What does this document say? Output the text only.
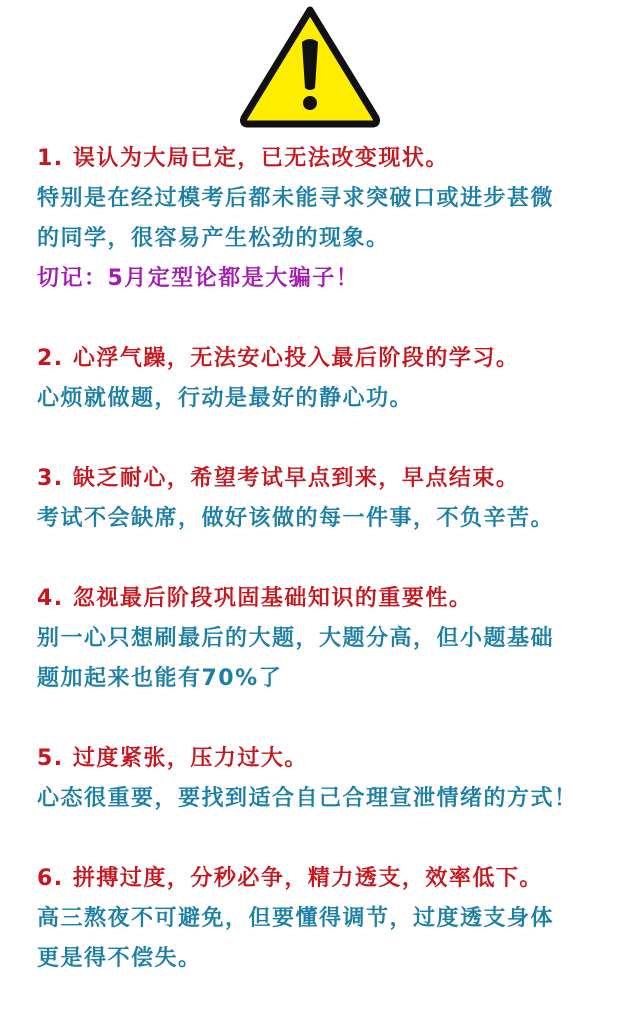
1. 误认为大局已定，已无法改变现状。
特别是在经过模考后都未能寻求突破口或进步甚微
的同学，很容易产生松劲的现象。
切记：5月定型论都是大骗子！
2. 心浮气躁，无法安心投入最后阶段的学习。
心烦就做题，行动是最好的静心功。
3. 缺乏耐心，希望考试早点到来，早点结束。
考试不会缺席，做好该做的每一件事，不负辛苦。
4. 忽视最后阶段巩固基础知识的重要性。
别一心只想刷最后的大题，大题分高，但小题基础
题加起来也能有70%了
5. 过度紧张，压力过大。
心态很重要，要找到适合自己合理宣泄情绪的方式！
6. 拼搏过度，分秒必争，精力透支，效率低下。
高三熬夜不可避免，但要懂得调节，过度透支身体
更是得不偿失。
